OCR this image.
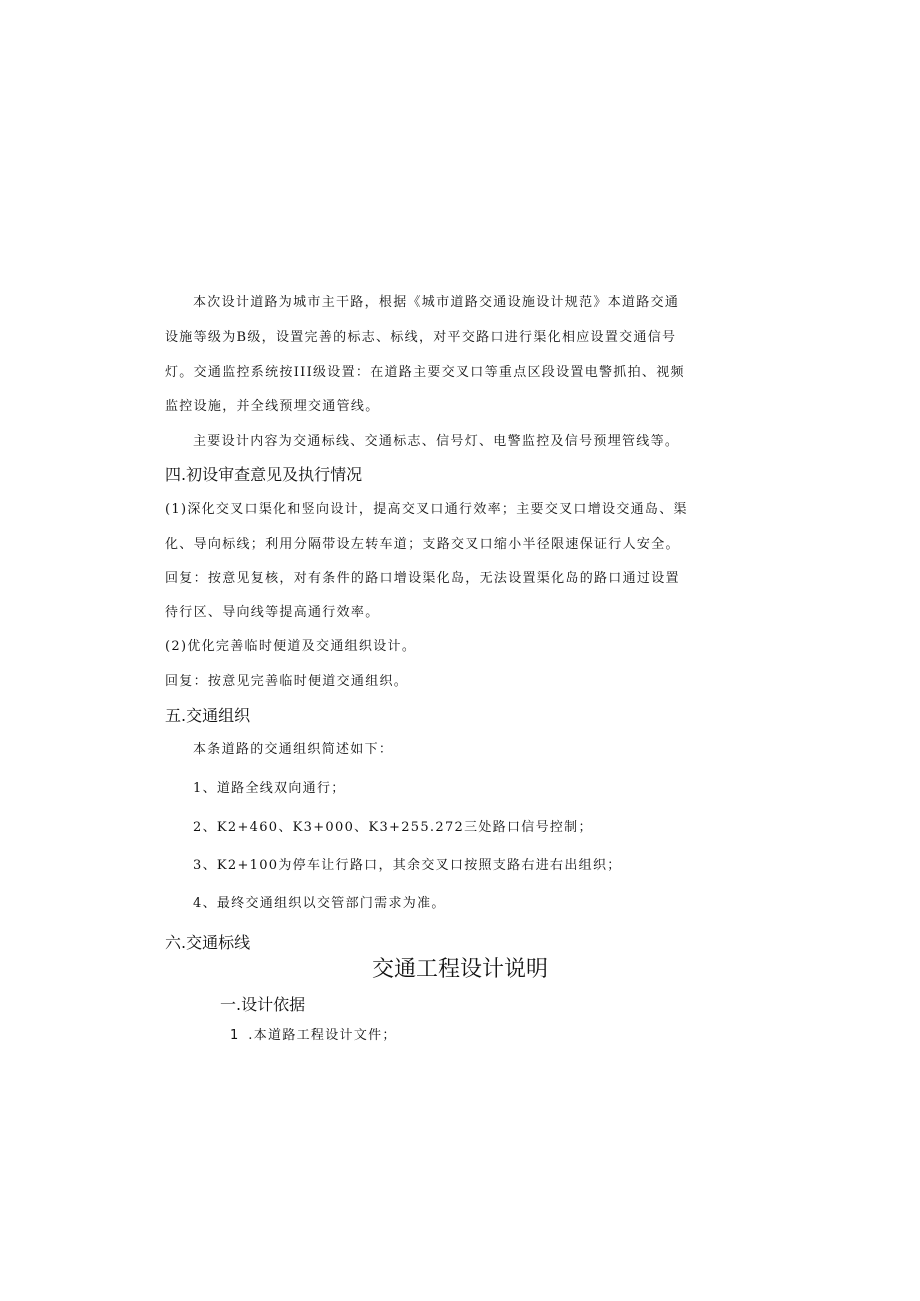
本次设计道路为城市主干路，根据《城市道路交通设施设计规范》本道路交通
设施等级为B级，设置完善的标志、标线，对平交路口进行渠化相应设置交通信号
灯。交通监控系统按III级设置：在道路主要交叉口等重点区段设置电警抓拍、视频
监控设施，并全线预埋交通管线。
主要设计内容为交通标线、交通标志、信号灯、电警监控及信号预埋管线等。
四.初设审查意见及执行情况
(1)深化交叉口渠化和竖向设计，提高交叉口通行效率；主要交叉口增设交通岛、渠
化、导向标线；利用分隔带设左转车道；支路交叉口缩小半径限速保证行人安全。
回复：按意见复核，对有条件的路口增设渠化岛，无法设置渠化岛的路口通过设置
待行区、导向线等提高通行效率。
(2)优化完善临时便道及交通组织设计。
回复：按意见完善临时便道交通组织。
五.交通组织
本条道路的交通组织简述如下：
1、道路全线双向通行；
2、K2+460、K3+000、K3+255.272三处路口信号控制；
3、K2+100为停车让行路口，其余交叉口按照支路右进右出组织；
4、最终交通组织以交管部门需求为准。
六.交通标线
交通工程设计说明
一.设计依据
1 .本道路工程设计文件；
